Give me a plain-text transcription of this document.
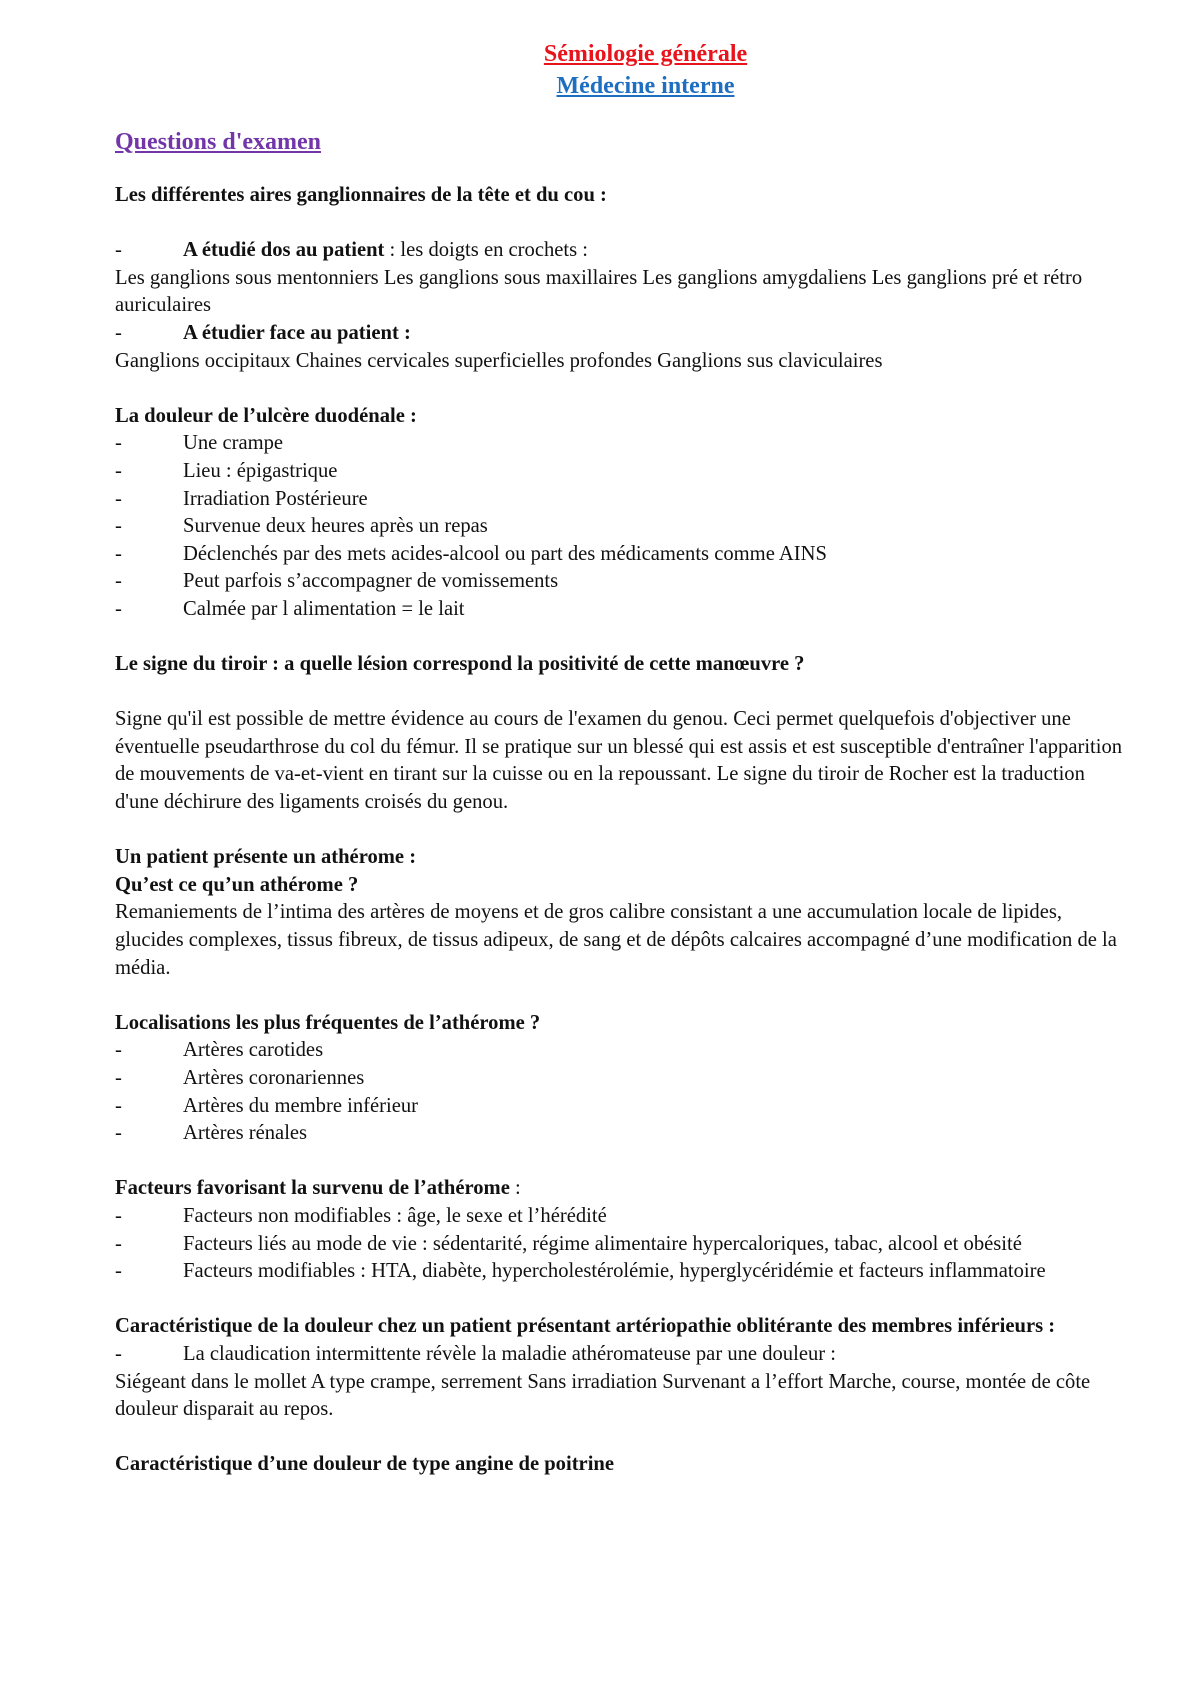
Sémiologie générale
Médecine interne
Questions d'examen

Les différentes aires ganglionnaires de la tête et du cou :

-	A étudié dos au patient : les doigts en crochets :

Les ganglions sous mentonniers Les ganglions sous maxillaires Les ganglions amygdaliens Les ganglions pré et rétro auriculaires

-	A étudier face au patient :

Ganglions occipitaux Chaines cervicales superficielles profondes Ganglions sus claviculaires

La douleur de l’ulcère duodénale :

-	Une crampe
-	Lieu : épigastrique
-	Irradiation Postérieure
-	Survenue deux heures après un repas
-	Déclenchés par des mets acides-alcool ou part des médicaments comme AINS
-	Peut parfois s’accompagner de vomissements
-	Calmée par l alimentation = le lait

Le signe du tiroir : a quelle lésion correspond la positivité de cette manœuvre ?

Signe qu'il est possible de mettre évidence au cours de l'examen du genou. Ceci permet quelquefois d'objectiver une éventuelle pseudarthrose du col du fémur. Il se pratique sur un blessé qui est assis et est susceptible d'entraîner l'apparition de mouvements de va-et-vient en tirant sur la cuisse ou en la repoussant. Le signe du tiroir de Rocher est la traduction d'une déchirure des ligaments croisés du genou.

Un patient présente un athérome :

Qu’est ce qu’un athérome ?

Remaniements de l’intima des artères de moyens et de gros calibre consistant a une accumulation locale de lipides, glucides complexes, tissus fibreux, de tissus adipeux, de sang et de dépôts calcaires accompagné d’une modification de la média.

Localisations les plus fréquentes de l’athérome ?

-	Artères carotides
-	Artères coronariennes
-	Artères du membre inférieur
-	Artères rénales

Facteurs favorisant la survenu de l’athérome :

-	Facteurs non modifiables : âge, le sexe et l’hérédité
-	Facteurs liés au mode de vie : sédentarité, régime alimentaire hypercaloriques, tabac, alcool et obésité
-	Facteurs modifiables : HTA, diabète, hypercholestérolémie, hyperglycéridémie et facteurs inflammatoire

Caractéristique de la douleur chez un patient présentant artériopathie oblitérante des membres inférieurs :

-	La claudication intermittente révèle la maladie athéromateuse par une douleur :

Siégeant dans le mollet A type crampe, serrement Sans irradiation Survenant a l’effort Marche, course, montée de côte douleur disparait au repos.

Caractéristique d’une douleur de type angine de poitrine
